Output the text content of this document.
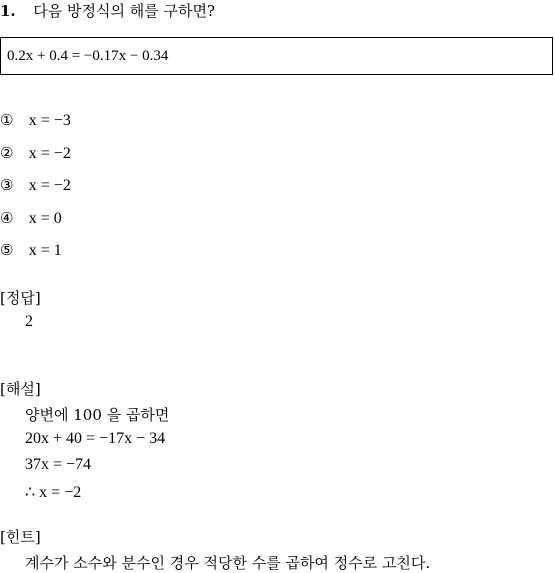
1. 다음 방정식의 해를 구하면?
0.2x + 0.4 = −0.17x − 0.34
① x = −3
② x = −2
③ x = −2
④ x = 0
⑤ x = 1
[정답]
2
[해설]
양변에 100 을 곱하면
20x + 40 = −17x − 34
37x = −74
∴ x = −2
[힌트]
계수가 소수와 분수인 경우 적당한 수를 곱하여 정수로 고친다.
